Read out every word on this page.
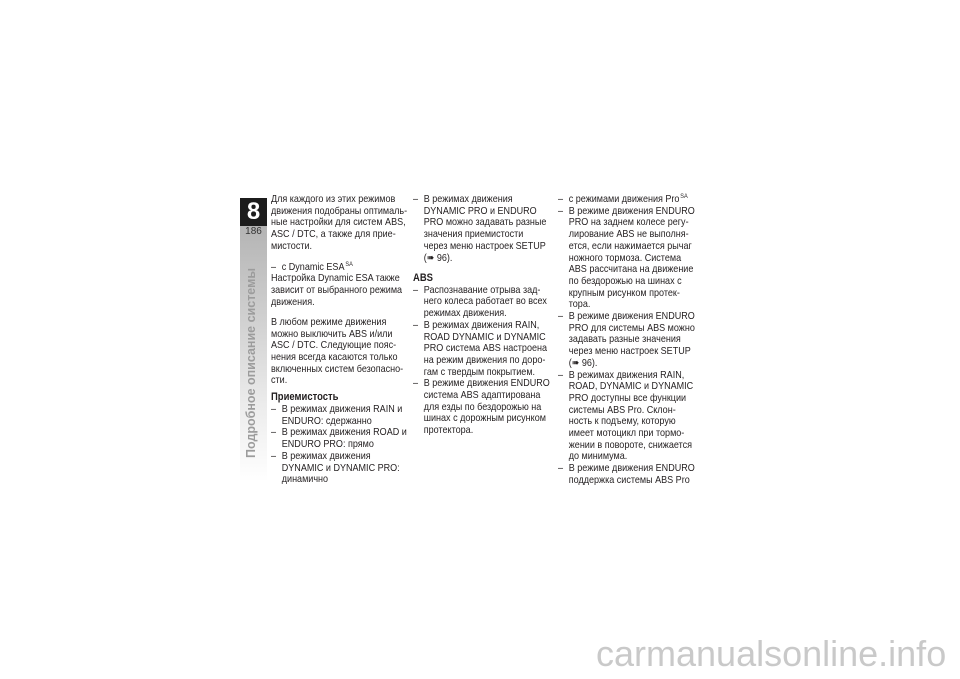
8
186
Подробное описание системы
Для каждого из этих режимов
движения подобраны оптималь-
ные настройки для систем ABS,
ASC / DTC, а также для прие-
мистости.
– с Dynamic $ESA^{SA}$
Настройка Dynamic ESA также
зависит от выбранного режима
движения.
В любом режиме движения
можно выключить ABS и/или
ASC / DTC. Следующие пояс-
нения всегда касаются только
включенных систем безопасно-
сти.
Приемистость
– В режимах движения RAIN и
ENDURO: сдержанно
– В режимах движения ROAD и
ENDURO PRO: прямо
– В режимах движения
DYNAMIC и DYNAMIC PRO:
динамично
– В режимах движения
DYNAMIC PRO и ENDURO
PRO можно задавать разные
значения приемистости
через меню настроек SETUP
(➠ 96).
ABS
– Распознавание отрыва зад-
него колеса работает во всех
режимах движения.
– В режимах движения RAIN,
ROAD DYNAMIC и DYNAMIC
PRO система ABS настроена
на режим движения по доро-
гам с твердым покрытием.
– В режиме движения ENDURO
система ABS адаптирована
для езды по бездорожью на
шинах с дорожным рисунком
протектора.
– с режимами движения Pro$^{SA}$
– В режиме движения ENDURO
PRO на заднем колесе регу-
лирование ABS не выполня-
ется, если нажимается рычаг
ножного тормоза. Система
ABS рассчитана на движение
по бездорожью на шинах с
крупным рисунком протек-
тора.
– В режиме движения ENDURO
PRO для системы ABS можно
задавать разные значения
через меню настроек SETUP
(➠ 96).
– В режимах движения RAIN,
ROAD, DYNAMIC и DYNAMIC
PRO доступны все функции
системы ABS Pro. Склон-
ность к подъему, которую
имеет мотоцикл при тормо-
жении в повороте, снижается
до минимума.
– В режиме движения ENDURO
поддержка системы ABS Pro
carmanualsonline.info
